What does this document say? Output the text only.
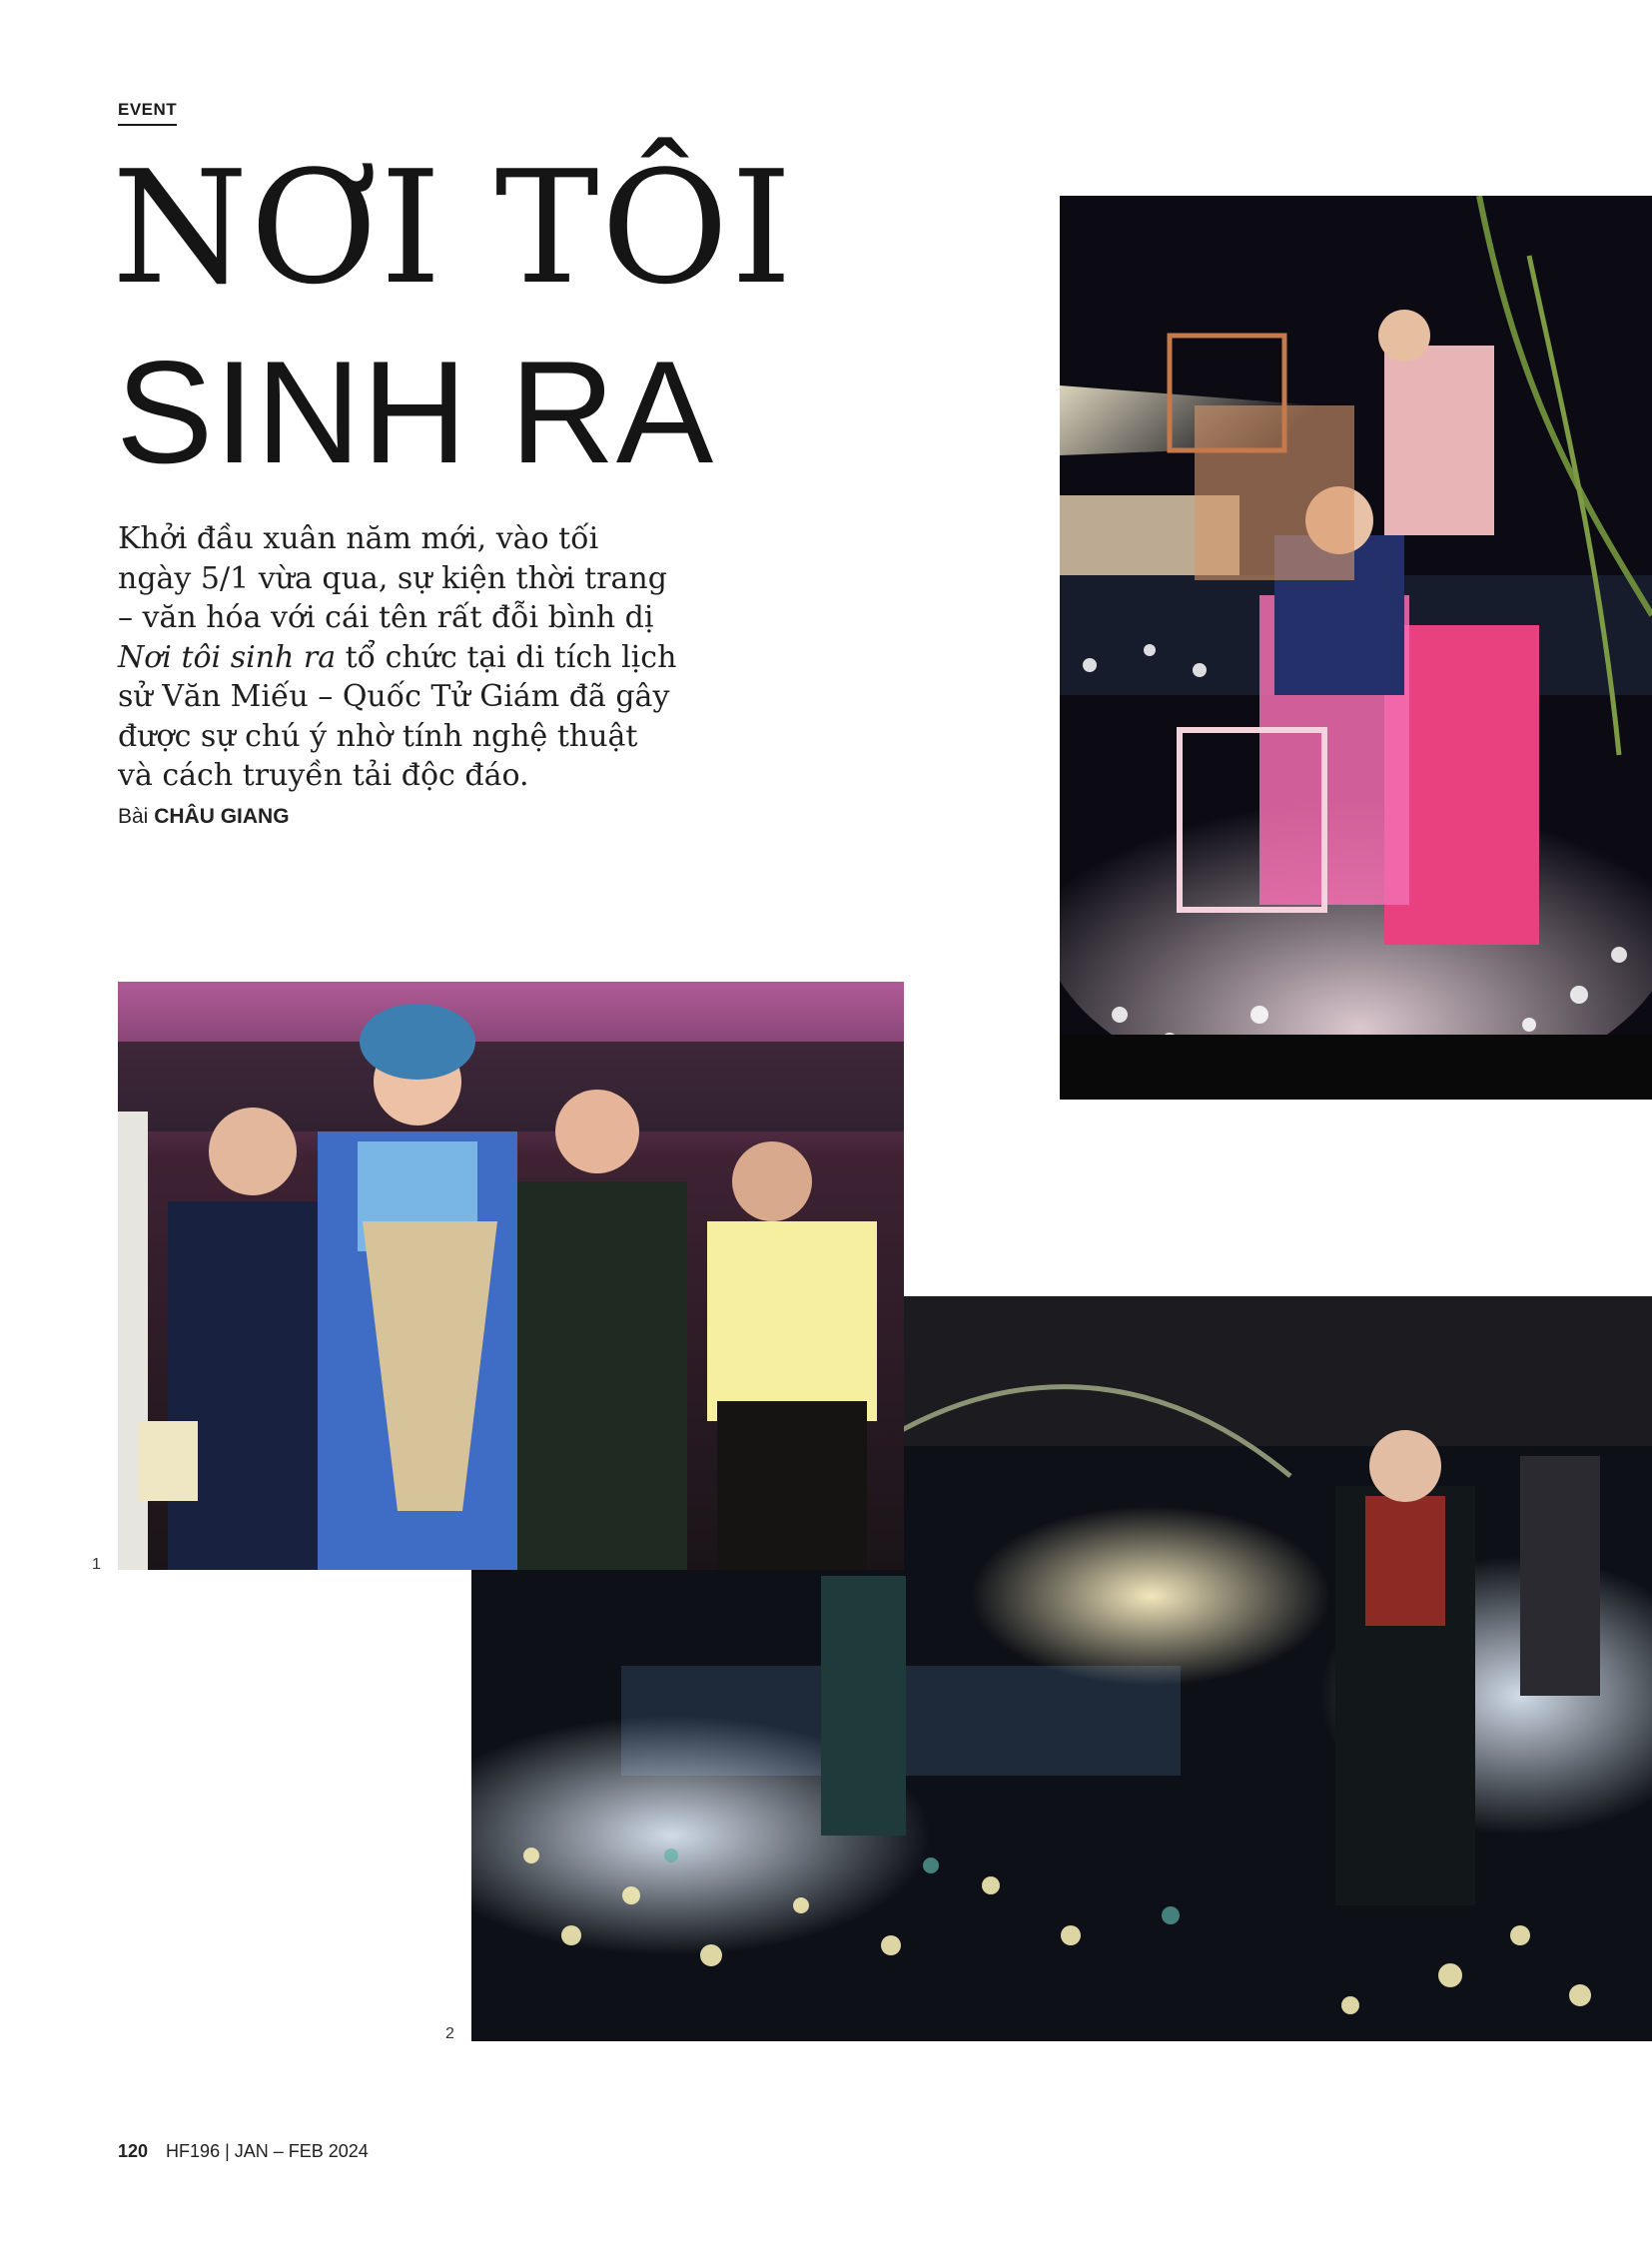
EVENT
NƠI TÔI
SINH RA

Khởi đầu xuân năm mới, vào tối ngày 5/1 vừa qua, sự kiện thời trang – văn hóa với cái tên rất đỗi bình dị Nơi tôi sinh ra tổ chức tại di tích lịch sử Văn Miếu – Quốc Tử Giám đã gây được sự chú ý nhờ tính nghệ thuật và cách truyền tải độc đáo.

Bài CHÂU GIANG
1
2
120 HF196 | JAN – FEB 2024
